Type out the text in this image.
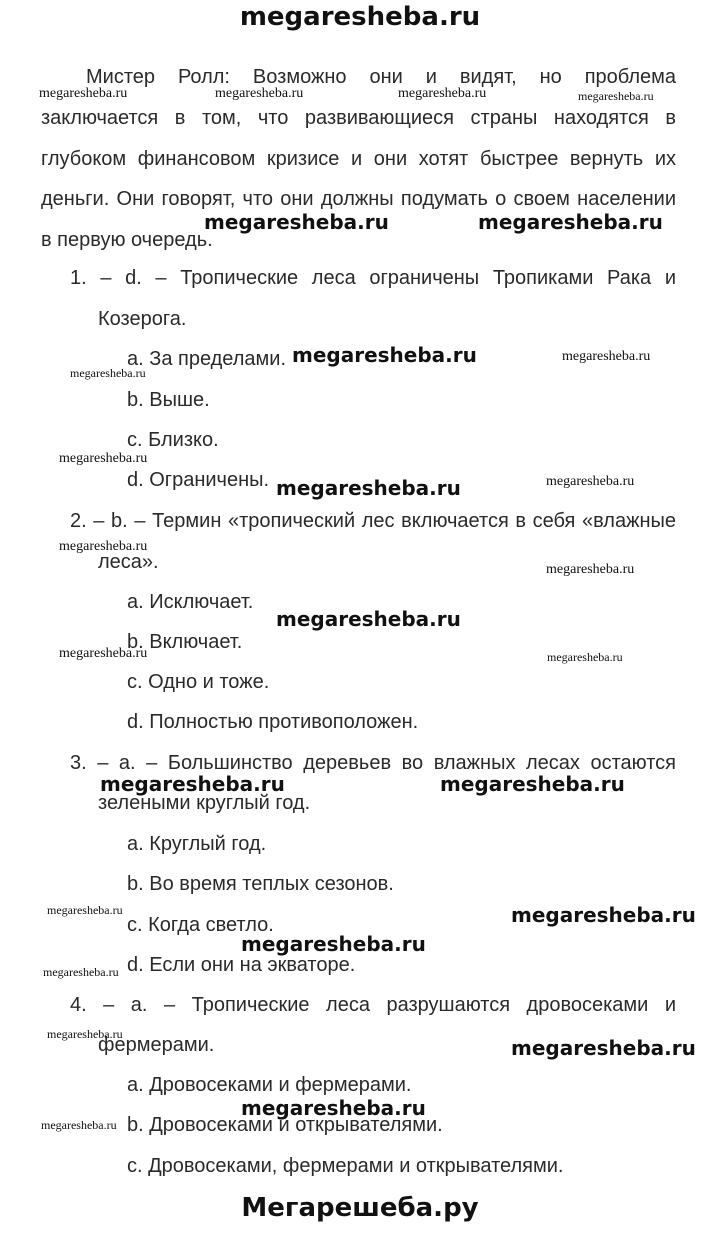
megaresheba.ru
Мистер Ролл: Возможно они и видят, но проблема
заключается в том, что развивающиеся страны находятся в
глубоком финансовом кризисе и они хотят быстрее вернуть их
деньги. Они говорят, что они должны подумать о своем населении
в первую очередь.
1. – d. – Тропические леса ограничены Тропиками Рака и
Козерога.
a. За пределами.
b. Выше.
c. Близко.
d. Ограничены.
2. – b. – Термин «тропический лес включается в себя «влажные
леса».
a. Исключает.
b. Включает.
c. Одно и тоже.
d. Полностью противоположен.
3. – a. – Большинство деревьев во влажных лесах остаются
зелеными круглый год.
a. Круглый год.
b. Во время теплых сезонов.
c. Когда светло.
d. Если они на экваторе.
4. – a. – Тропические леса разрушаются дровосеками и
фермерами.
a. Дровосеками и фермерами.
b. Дровосеками и открывателями.
c. Дровосеками, фермерами и открывателями.
megaresheba.ru	megaresheba.ru	megaresheba.ru	megaresheba.ru
megaresheba.ru
megaresheba.ru
megaresheba.ru
megaresheba.ru
megaresheba.ru
megaresheba.ru
megaresheba.ru	megaresheba.ru
megaresheba.ru
megaresheba.ru
megaresheba.ru
megaresheba.ru
megaresheba.ru	megaresheba.ru
megaresheba.ru
megaresheba.ru
megaresheba.ru
megaresheba.ru	megaresheba.ru
megaresheba.ru
megaresheba.ru
megaresheba.ru
megaresheba.ru
Мегарешеба.ру
